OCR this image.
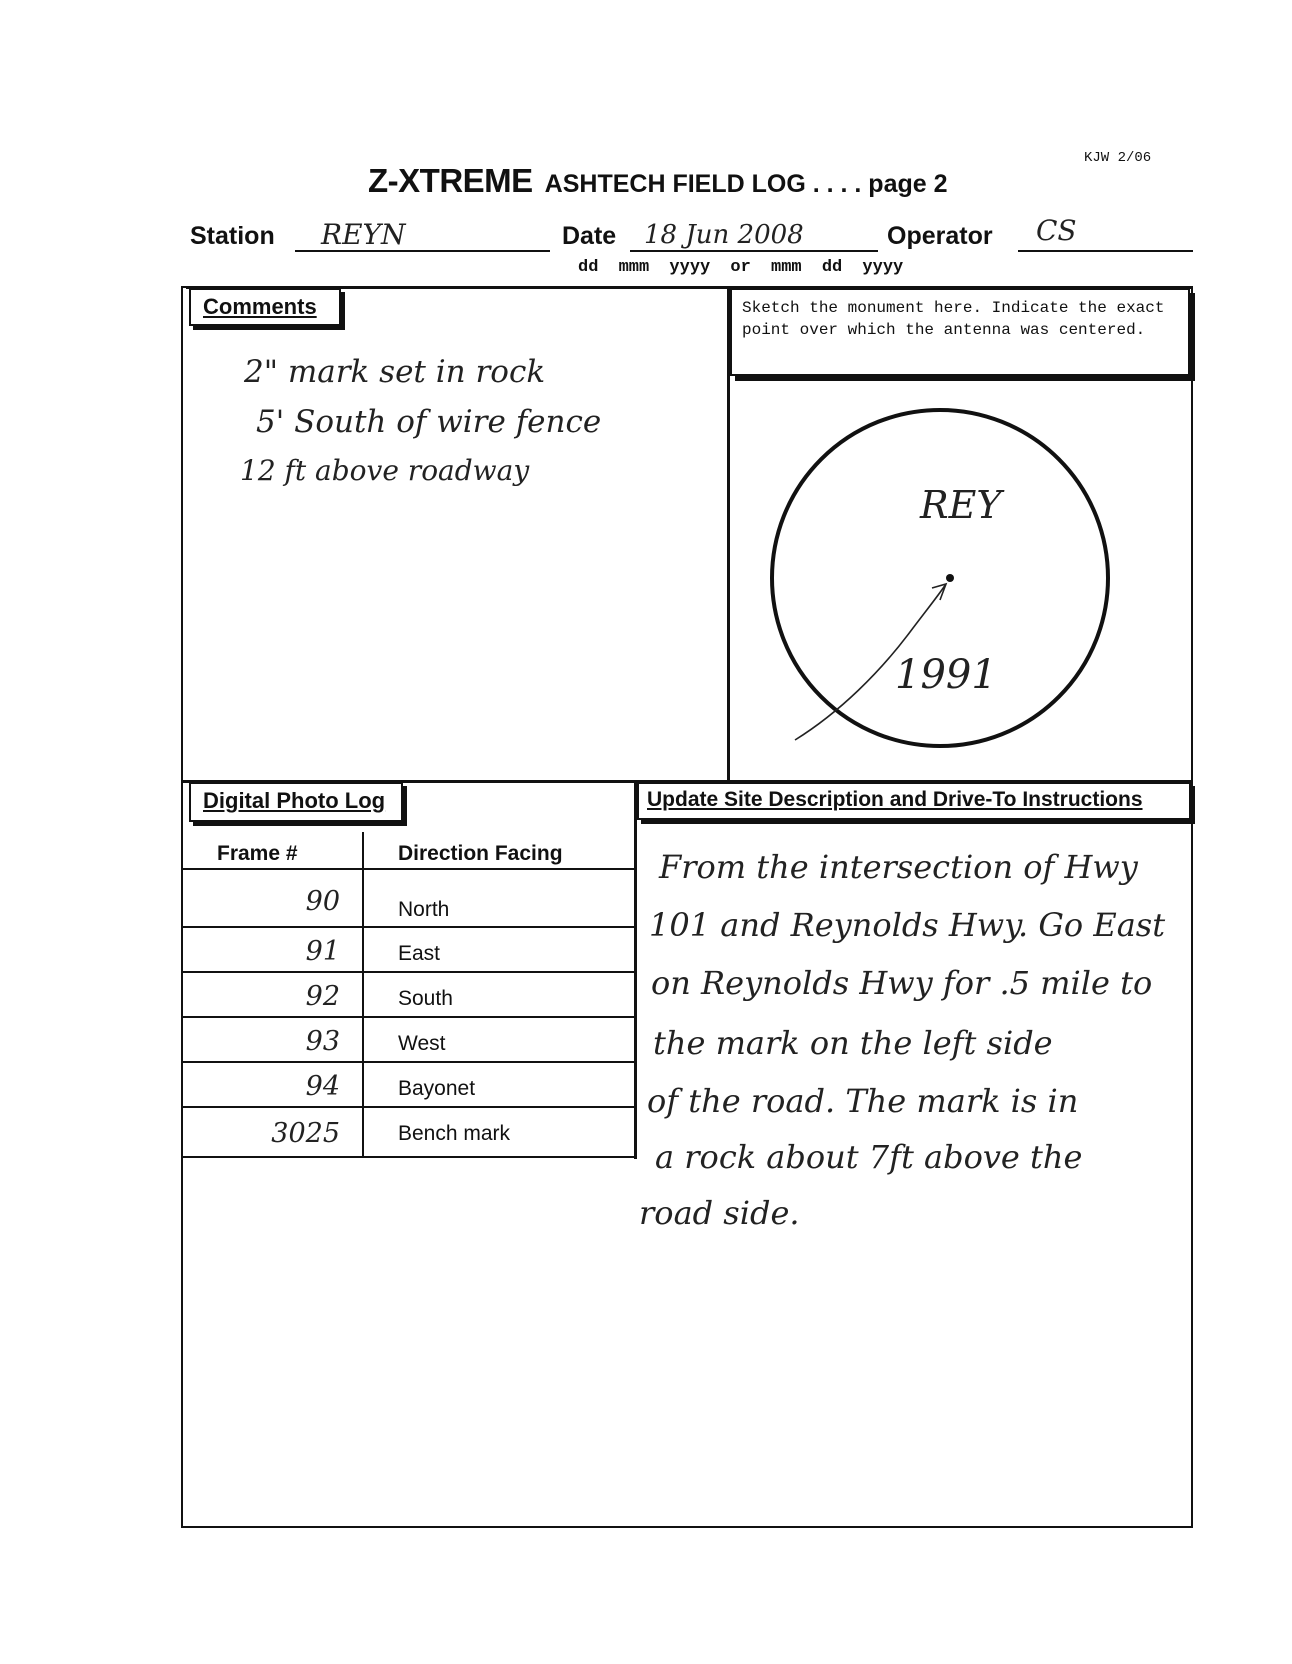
KJW 2/06
Z-XTREME ASHTECH FIELD LOG . . . . page 2
Station	REYN	Date	18 Jun 2008	Operator	CS
dd mmm yyyy or mmm dd yyyy
Comments
2" mark set in rock
5' South of wire fence
12 ft above roadway
Sketch the monument here. Indicate the exact point over which the antenna was centered.
REY
1991
Digital Photo Log
Frame #	Direction Facing
90	North
91	East
92	South
93	West
94	Bayonet
3025	Bench mark
Update Site Description and Drive-To Instructions
From the intersection of Hwy
101 and Reynolds Hwy. Go East
on Reynolds Hwy for .5 mile to
the mark on the left side
of the road. The mark is in
a rock about 7ft above the
road side.
